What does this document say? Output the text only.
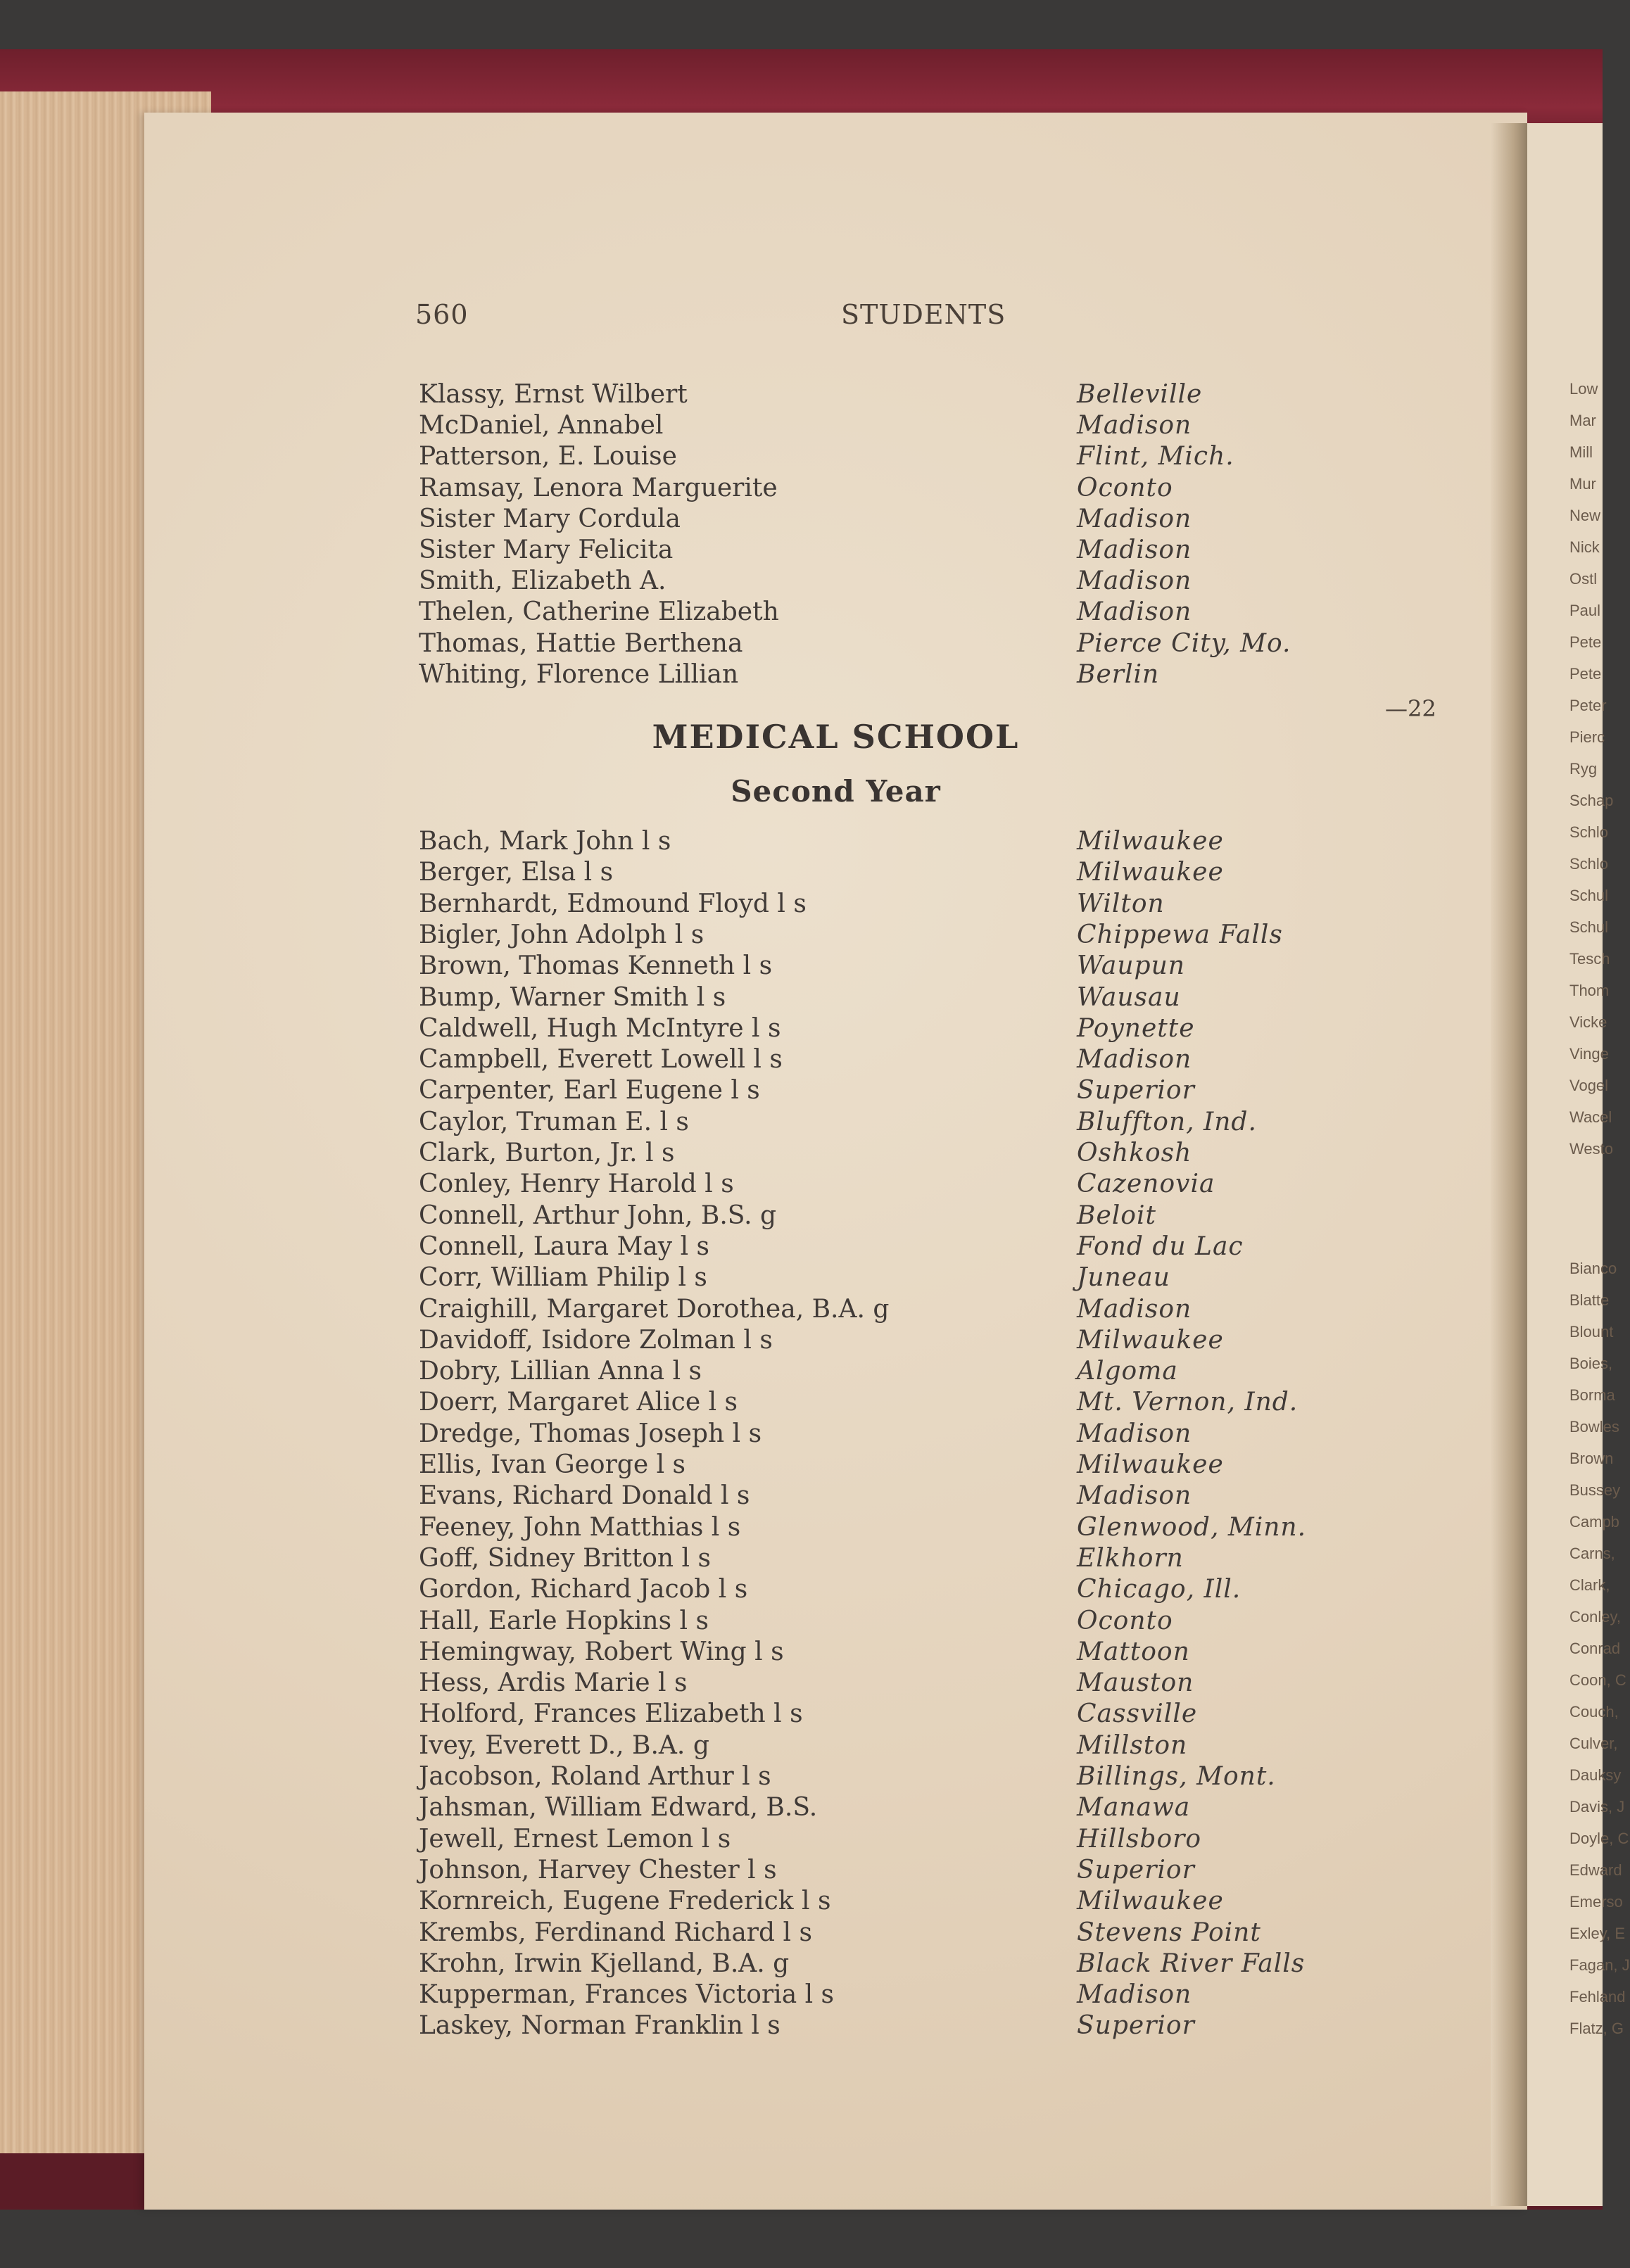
Low
Mar
Mill
Mur
New
Nick
Ostl
Paul
Pete
Pete
Peter
Pierc
Ryg
Schap
Schlo
Schlo
Schul
Schul
Tesch
Thom
Vicke
Vinge
Vogel
Wacel
Westo
Bianco
Blatte
Blount
Boies,
Borma
Bowles
Brown
Bussey
Campb
Carns,
Clark,
Conley,
Conrad
Coon, C
Couch,
Culver,
Dauksy
Davis, J
Doyle, C
Edward
Emerso
Exley, E
Fagan, J
Fehland
Flatz, G
560	STUDENTS
Klassy, Ernst Wilbert	Belleville
McDaniel, Annabel	Madison
Patterson, E. Louise	Flint, Mich.
Ramsay, Lenora Marguerite	Oconto
Sister Mary Cordula	Madison
Sister Mary Felicita	Madison
Smith, Elizabeth A.	Madison
Thelen, Catherine Elizabeth	Madison
Thomas, Hattie Berthena	Pierce City, Mo.
Whiting, Florence Lillian	Berlin
—22
MEDICAL SCHOOL
Second Year
Bach, Mark John l s	Milwaukee
Berger, Elsa l s	Milwaukee
Bernhardt, Edmound Floyd l s	Wilton
Bigler, John Adolph l s	Chippewa Falls
Brown, Thomas Kenneth l s	Waupun
Bump, Warner Smith l s	Wausau
Caldwell, Hugh McIntyre l s	Poynette
Campbell, Everett Lowell l s	Madison
Carpenter, Earl Eugene l s	Superior
Caylor, Truman E. l s	Bluffton, Ind.
Clark, Burton, Jr. l s	Oshkosh
Conley, Henry Harold l s	Cazenovia
Connell, Arthur John, B.S. g	Beloit
Connell, Laura May l s	Fond du Lac
Corr, William Philip l s	Juneau
Craighill, Margaret Dorothea, B.A. g	Madison
Davidoff, Isidore Zolman l s	Milwaukee
Dobry, Lillian Anna l s	Algoma
Doerr, Margaret Alice l s	Mt. Vernon, Ind.
Dredge, Thomas Joseph l s	Madison
Ellis, Ivan George l s	Milwaukee
Evans, Richard Donald l s	Madison
Feeney, John Matthias l s	Glenwood, Minn.
Goff, Sidney Britton l s	Elkhorn
Gordon, Richard Jacob l s	Chicago, Ill.
Hall, Earle Hopkins l s	Oconto
Hemingway, Robert Wing l s	Mattoon
Hess, Ardis Marie l s	Mauston
Holford, Frances Elizabeth l s	Cassville
Ivey, Everett D., B.A. g	Millston
Jacobson, Roland Arthur l s	Billings, Mont.
Jahsman, William Edward, B.S.	Manawa
Jewell, Ernest Lemon l s	Hillsboro
Johnson, Harvey Chester l s	Superior
Kornreich, Eugene Frederick l s	Milwaukee
Krembs, Ferdinand Richard l s	Stevens Point
Krohn, Irwin Kjelland, B.A. g	Black River Falls
Kupperman, Frances Victoria l s	Madison
Laskey, Norman Franklin l s	Superior
